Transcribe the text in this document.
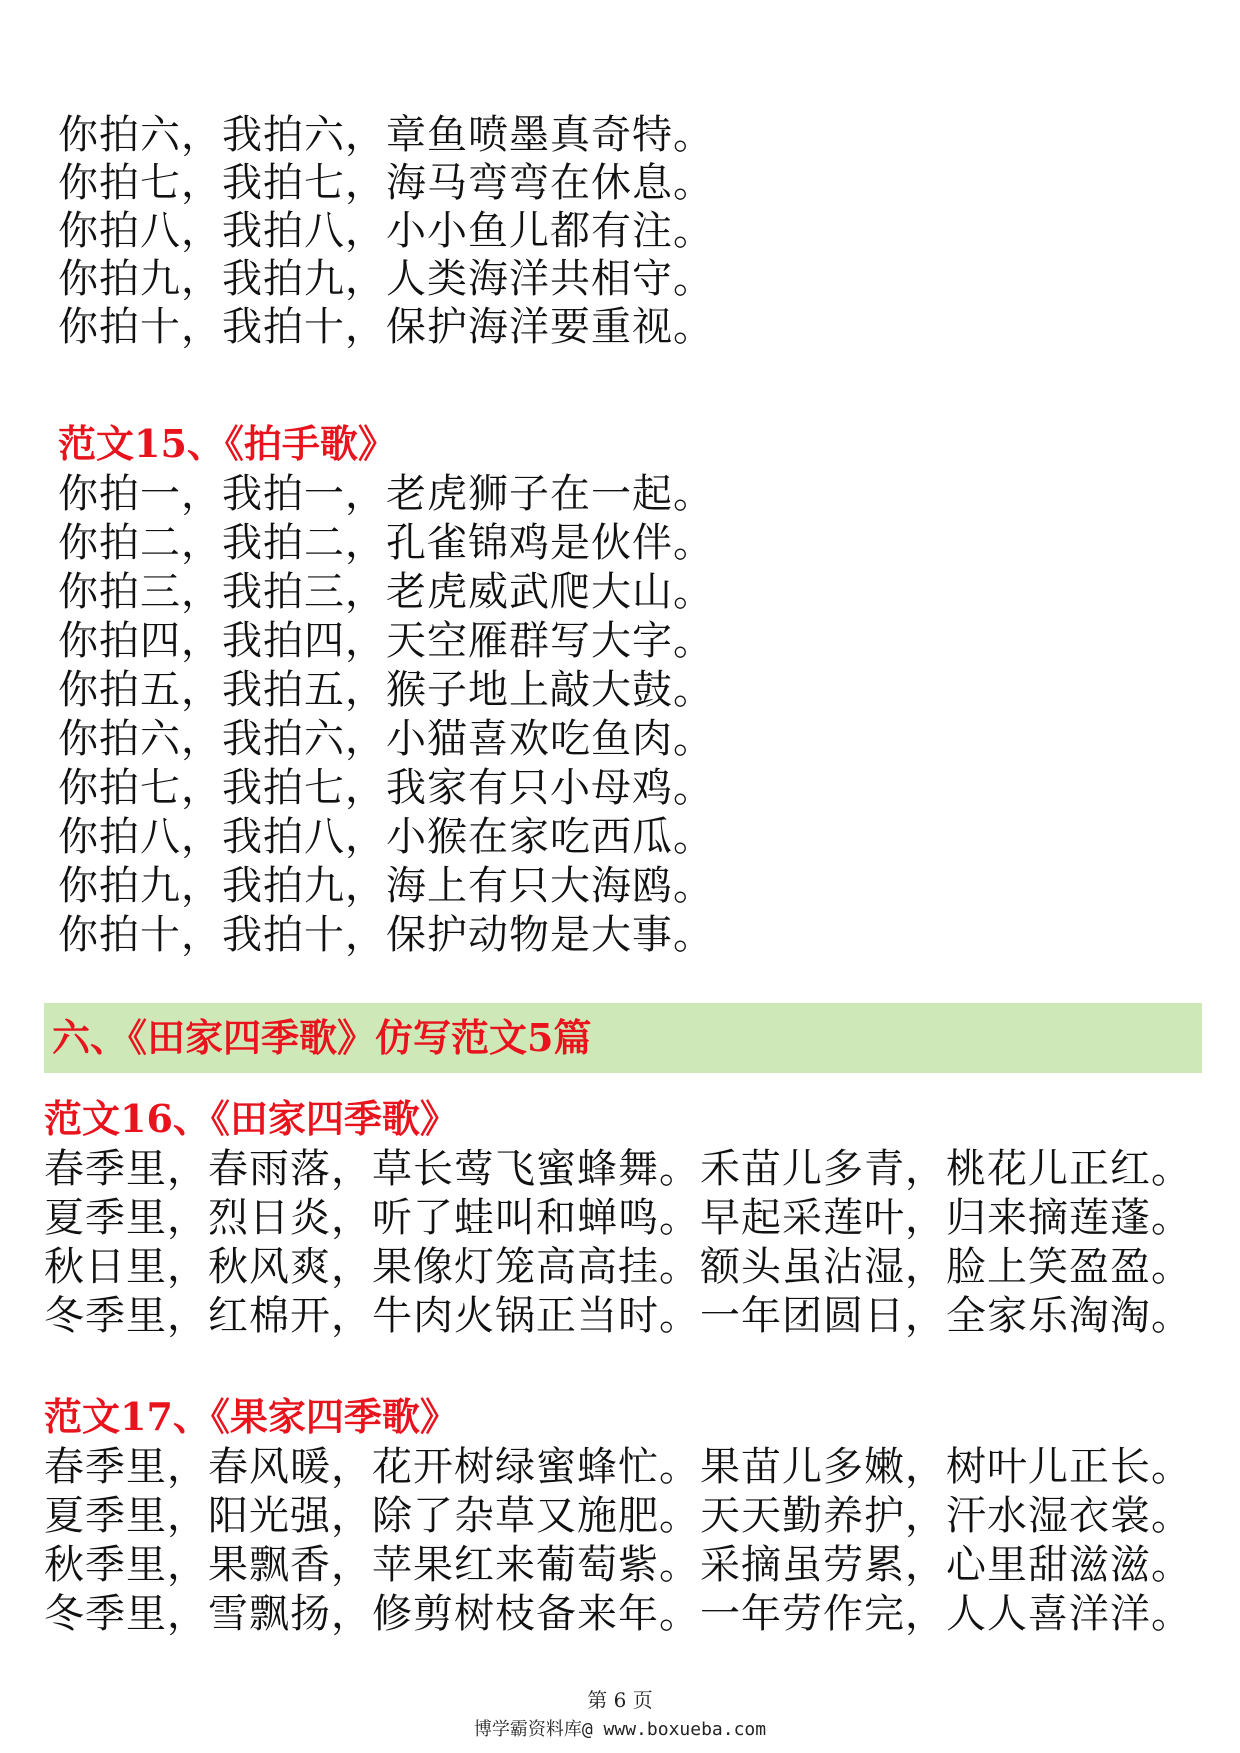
你拍六，我拍六，章鱼喷墨真奇特。
你拍七，我拍七，海马弯弯在休息。
你拍八，我拍八，小小鱼儿都有注。
你拍九，我拍九，人类海洋共相守。
你拍十，我拍十，保护海洋要重视。
范文15、《拍手歌》
你拍一，我拍一，老虎狮子在一起。
你拍二，我拍二，孔雀锦鸡是伙伴。
你拍三，我拍三，老虎威武爬大山。
你拍四，我拍四，天空雁群写大字。
你拍五，我拍五，猴子地上敲大鼓。
你拍六，我拍六，小猫喜欢吃鱼肉。
你拍七，我拍七，我家有只小母鸡。
你拍八，我拍八，小猴在家吃西瓜。
你拍九，我拍九，海上有只大海鸥。
你拍十，我拍十，保护动物是大事。
六、《田家四季歌》仿写范文5篇
范文16、《田家四季歌》
春季里，春雨落，草长莺飞蜜蜂舞。禾苗儿多青，桃花儿正红。
夏季里，烈日炎，听了蛙叫和蝉鸣。早起采莲叶，归来摘莲蓬。
秋日里，秋风爽，果像灯笼高高挂。额头虽沾湿，脸上笑盈盈。
冬季里，红棉开，牛肉火锅正当时。一年团圆日，全家乐淘淘。
范文17、《果家四季歌》
春季里，春风暖，花开树绿蜜蜂忙。果苗儿多嫩，树叶儿正长。
夏季里，阳光强，除了杂草又施肥。天天勤养护，汗水湿衣裳。
秋季里，果飘香，苹果红来葡萄紫。采摘虽劳累，心里甜滋滋。
冬季里，雪飘扬，修剪树枝备来年。一年劳作完，人人喜洋洋。
第 6 页
博学霸资料库@ www.boxueba.com
